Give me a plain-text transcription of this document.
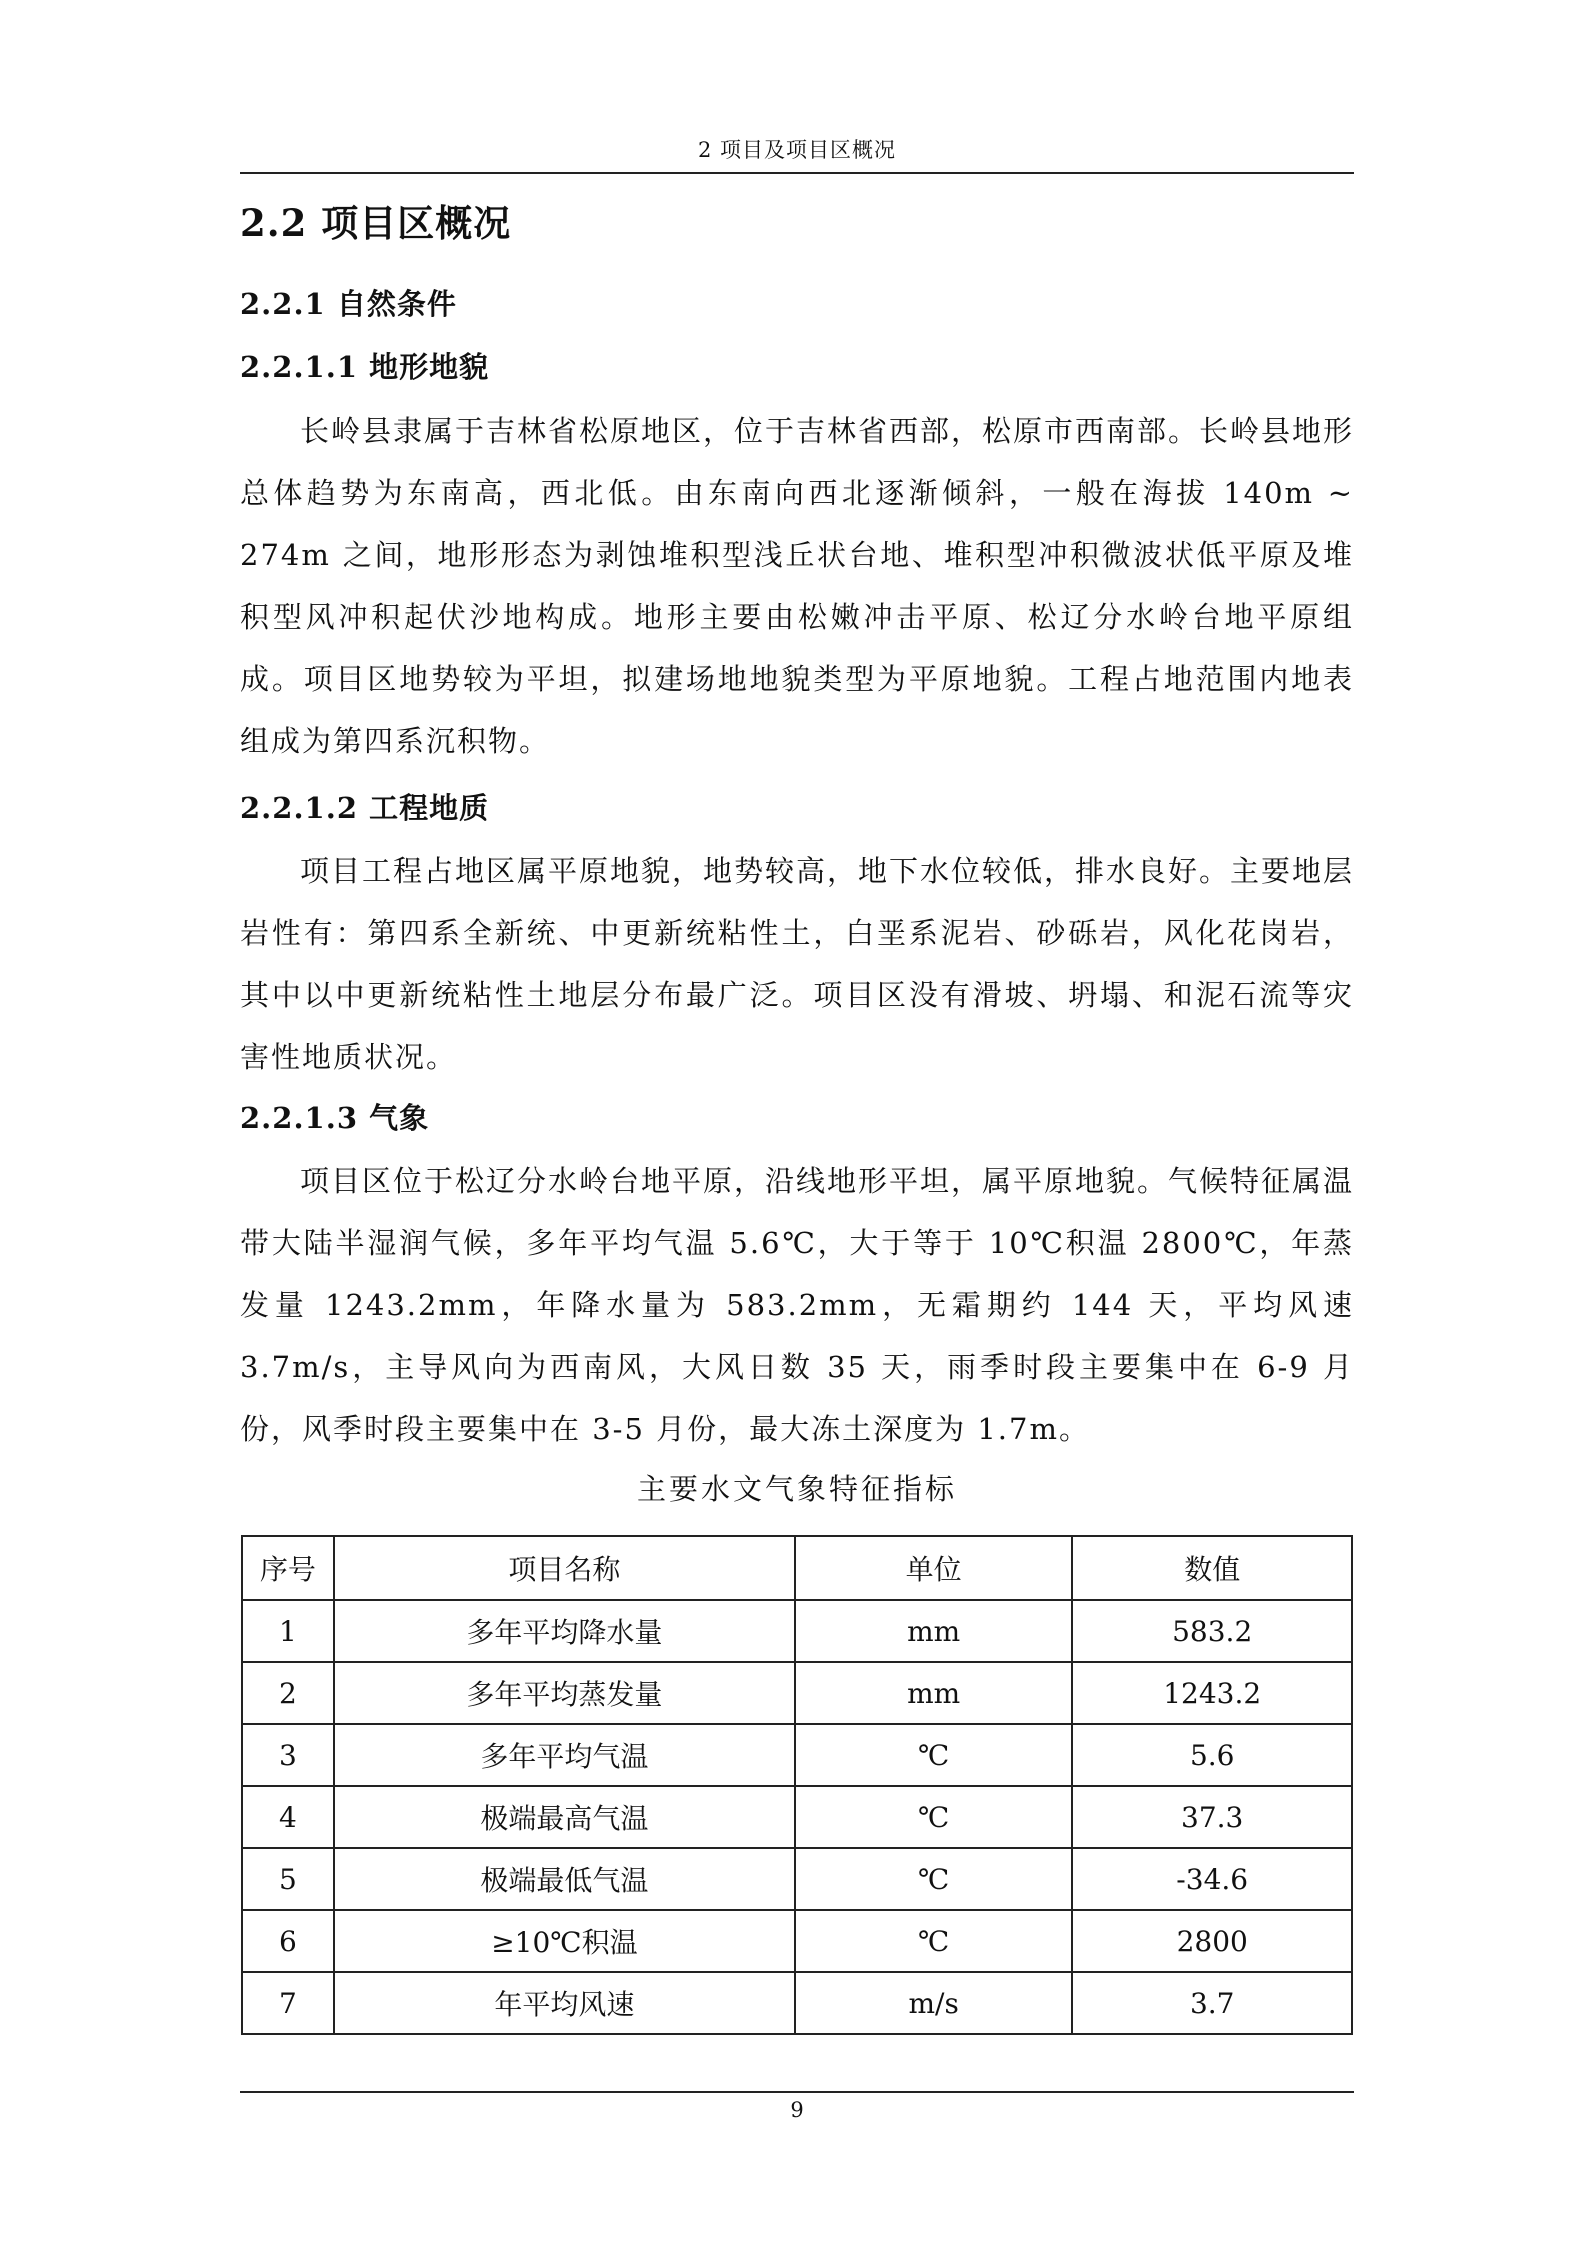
2 项目及项目区概况
2.2 项目区概况
2.2.1 自然条件
2.2.1.1 地形地貌

长岭县隶属于吉林省松原地区，位于吉林省西部，松原市西南部。长岭县地形总体趋势为东南高，西北低。由东南向西北逐渐倾斜，一般在海拔 140m ~ 274m 之间，地形形态为剥蚀堆积型浅丘状台地、堆积型冲积微波状低平原及堆积型风冲积起伏沙地构成。地形主要由松嫩冲击平原、松辽分水岭台地平原组成。项目区地势较为平坦，拟建场地地貌类型为平原地貌。工程占地范围内地表组成为第四系沉积物。

2.2.1.2 工程地质

项目工程占地区属平原地貌，地势较高，地下水位较低，排水良好。主要地层岩性有：第四系全新统、中更新统粘性土，白垩系泥岩、砂砾岩，风化花岗岩，其中以中更新统粘性土地层分布最广泛。项目区没有滑坡、坍塌、和泥石流等灾害性地质状况。

2.2.1.3 气象

项目区位于松辽分水岭台地平原，沿线地形平坦，属平原地貌。气候特征属温带大陆半湿润气候，多年平均气温 5.6℃，大于等于 10℃积温 2800℃，年蒸发量 1243.2mm，年降水量为 583.2mm，无霜期约 144 天，平均风速 3.7m/s，主导风向为西南风，大风日数 35 天，雨季时段主要集中在 6-9 月份，风季时段主要集中在 3-5 月份，最大冻土深度为 1.7m。

主要水文气象特征指标
序号	项目名称	单位	数值
1	多年平均降水量	mm	583.2
2	多年平均蒸发量	mm	1243.2
3	多年平均气温	℃	5.6
4	极端最高气温	℃	37.3
5	极端最低气温	℃	-34.6
6	≥10℃积温	℃	2800
7	年平均风速	m/s	3.7
9
